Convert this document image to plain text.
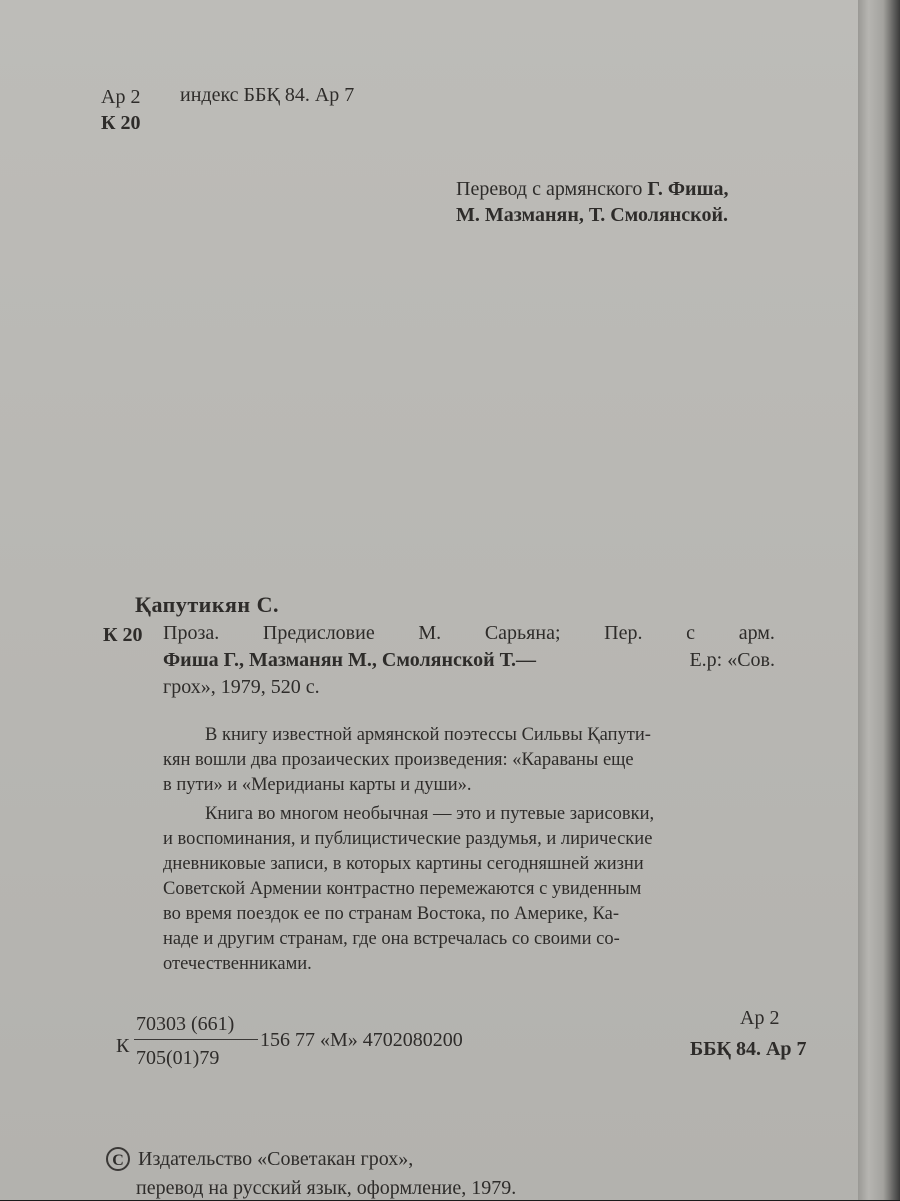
Ар 2 индекс ББҚ 84. Ар 7
К 20
Перевод с армянского Г. Фиша,
М. Мазманян, Т. Смолянской.
Қапутикян С.
К 20 Проза. Предисловие М. Сарьяна; Пер. с арм.
Фиша Г., Мазманян М., Смолянской Т.—	Е.р: «Сов.
грох», 1979, 520 с.
В книгу известной армянской поэтессы Сильвы Қапути-
кян вошли два прозаических произведения: «Караваны еще
в пути» и «Меридианы карты и души».
Книга во многом необычная — это и путевые зарисовки,
и воспоминания, и публицистические раздумья, и лирические
дневниковые записи, в которых картины сегодняшней жизни
Советской Армении контрастно перемежаются с увиденным
во время поездок ее по странам Востока, по Америке, Ка-
наде и другим странам, где она встречалась со своими со-
отечественниками.
К
70303 (661)
705(01)79
156 77 «М» 4702080200
Ар 2
ББҚ 84. Ар 7
C Издательство «Советакан грох»,
перевод на русский язык, оформление, 1979.
